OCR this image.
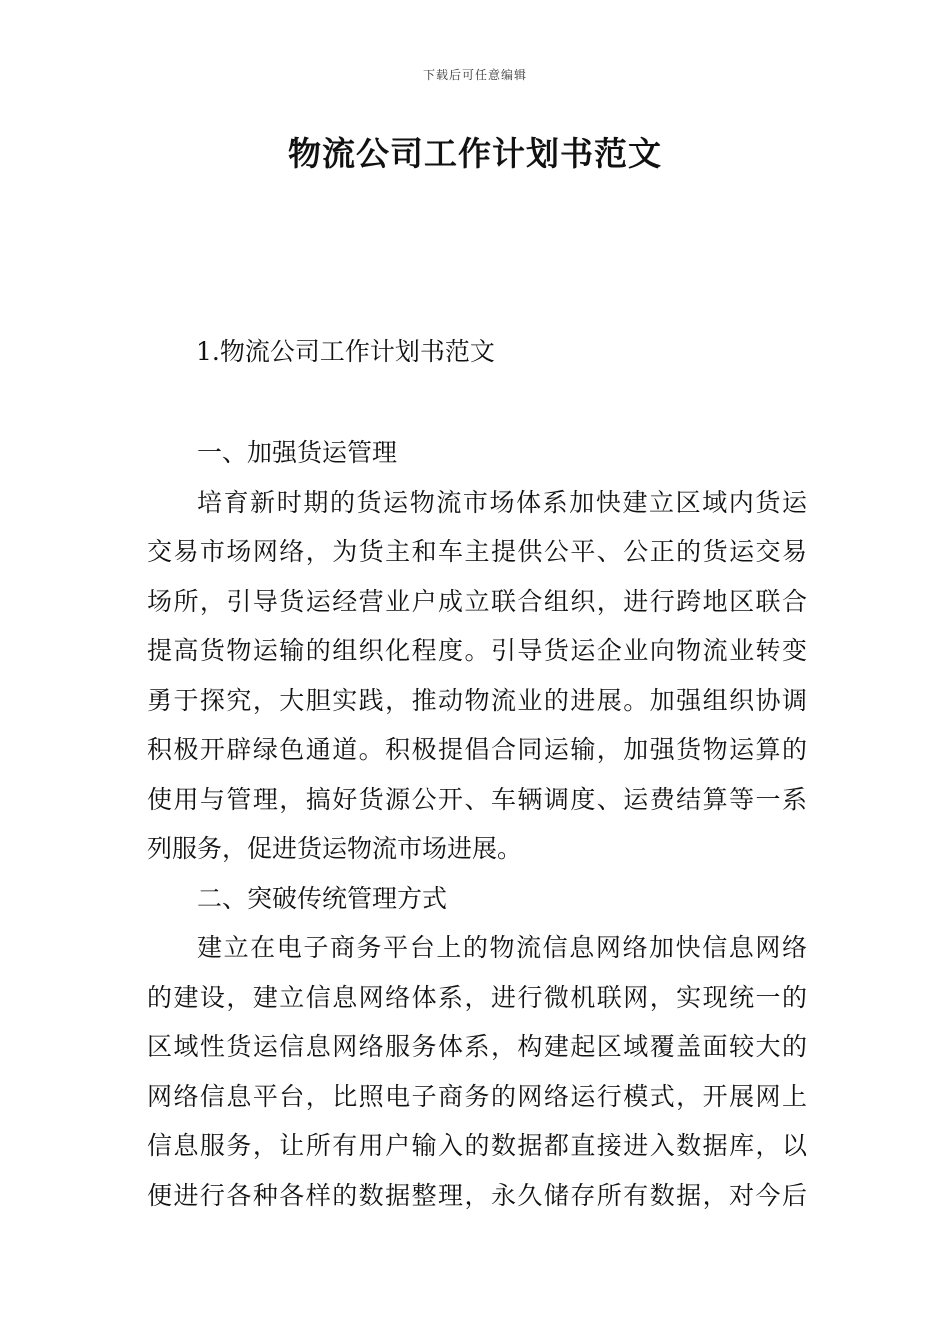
下载后可任意编辑
物流公司工作计划书范文
1.物流公司工作计划书范文
一、加强货运管理
培育新时期的货运物流市场体系加快建立区域内货运
交易市场网络，为货主和车主提供公平、公正的货运交易
场所，引导货运经营业户成立联合组织，进行跨地区联合
提高货物运输的组织化程度。引导货运企业向物流业转变
勇于探究，大胆实践，推动物流业的进展。加强组织协调
积极开辟绿色通道。积极提倡合同运输，加强货物运算的
使用与管理，搞好货源公开、车辆调度、运费结算等一系
列服务，促进货运物流市场进展。
二、突破传统管理方式
建立在电子商务平台上的物流信息网络加快信息网络
的建设，建立信息网络体系，进行微机联网，实现统一的
区域性货运信息网络服务体系，构建起区域覆盖面较大的
网络信息平台，比照电子商务的网络运行模式，开展网上
信息服务，让所有用户输入的数据都直接进入数据库，以
便进行各种各样的数据整理，永久储存所有数据，对今后
